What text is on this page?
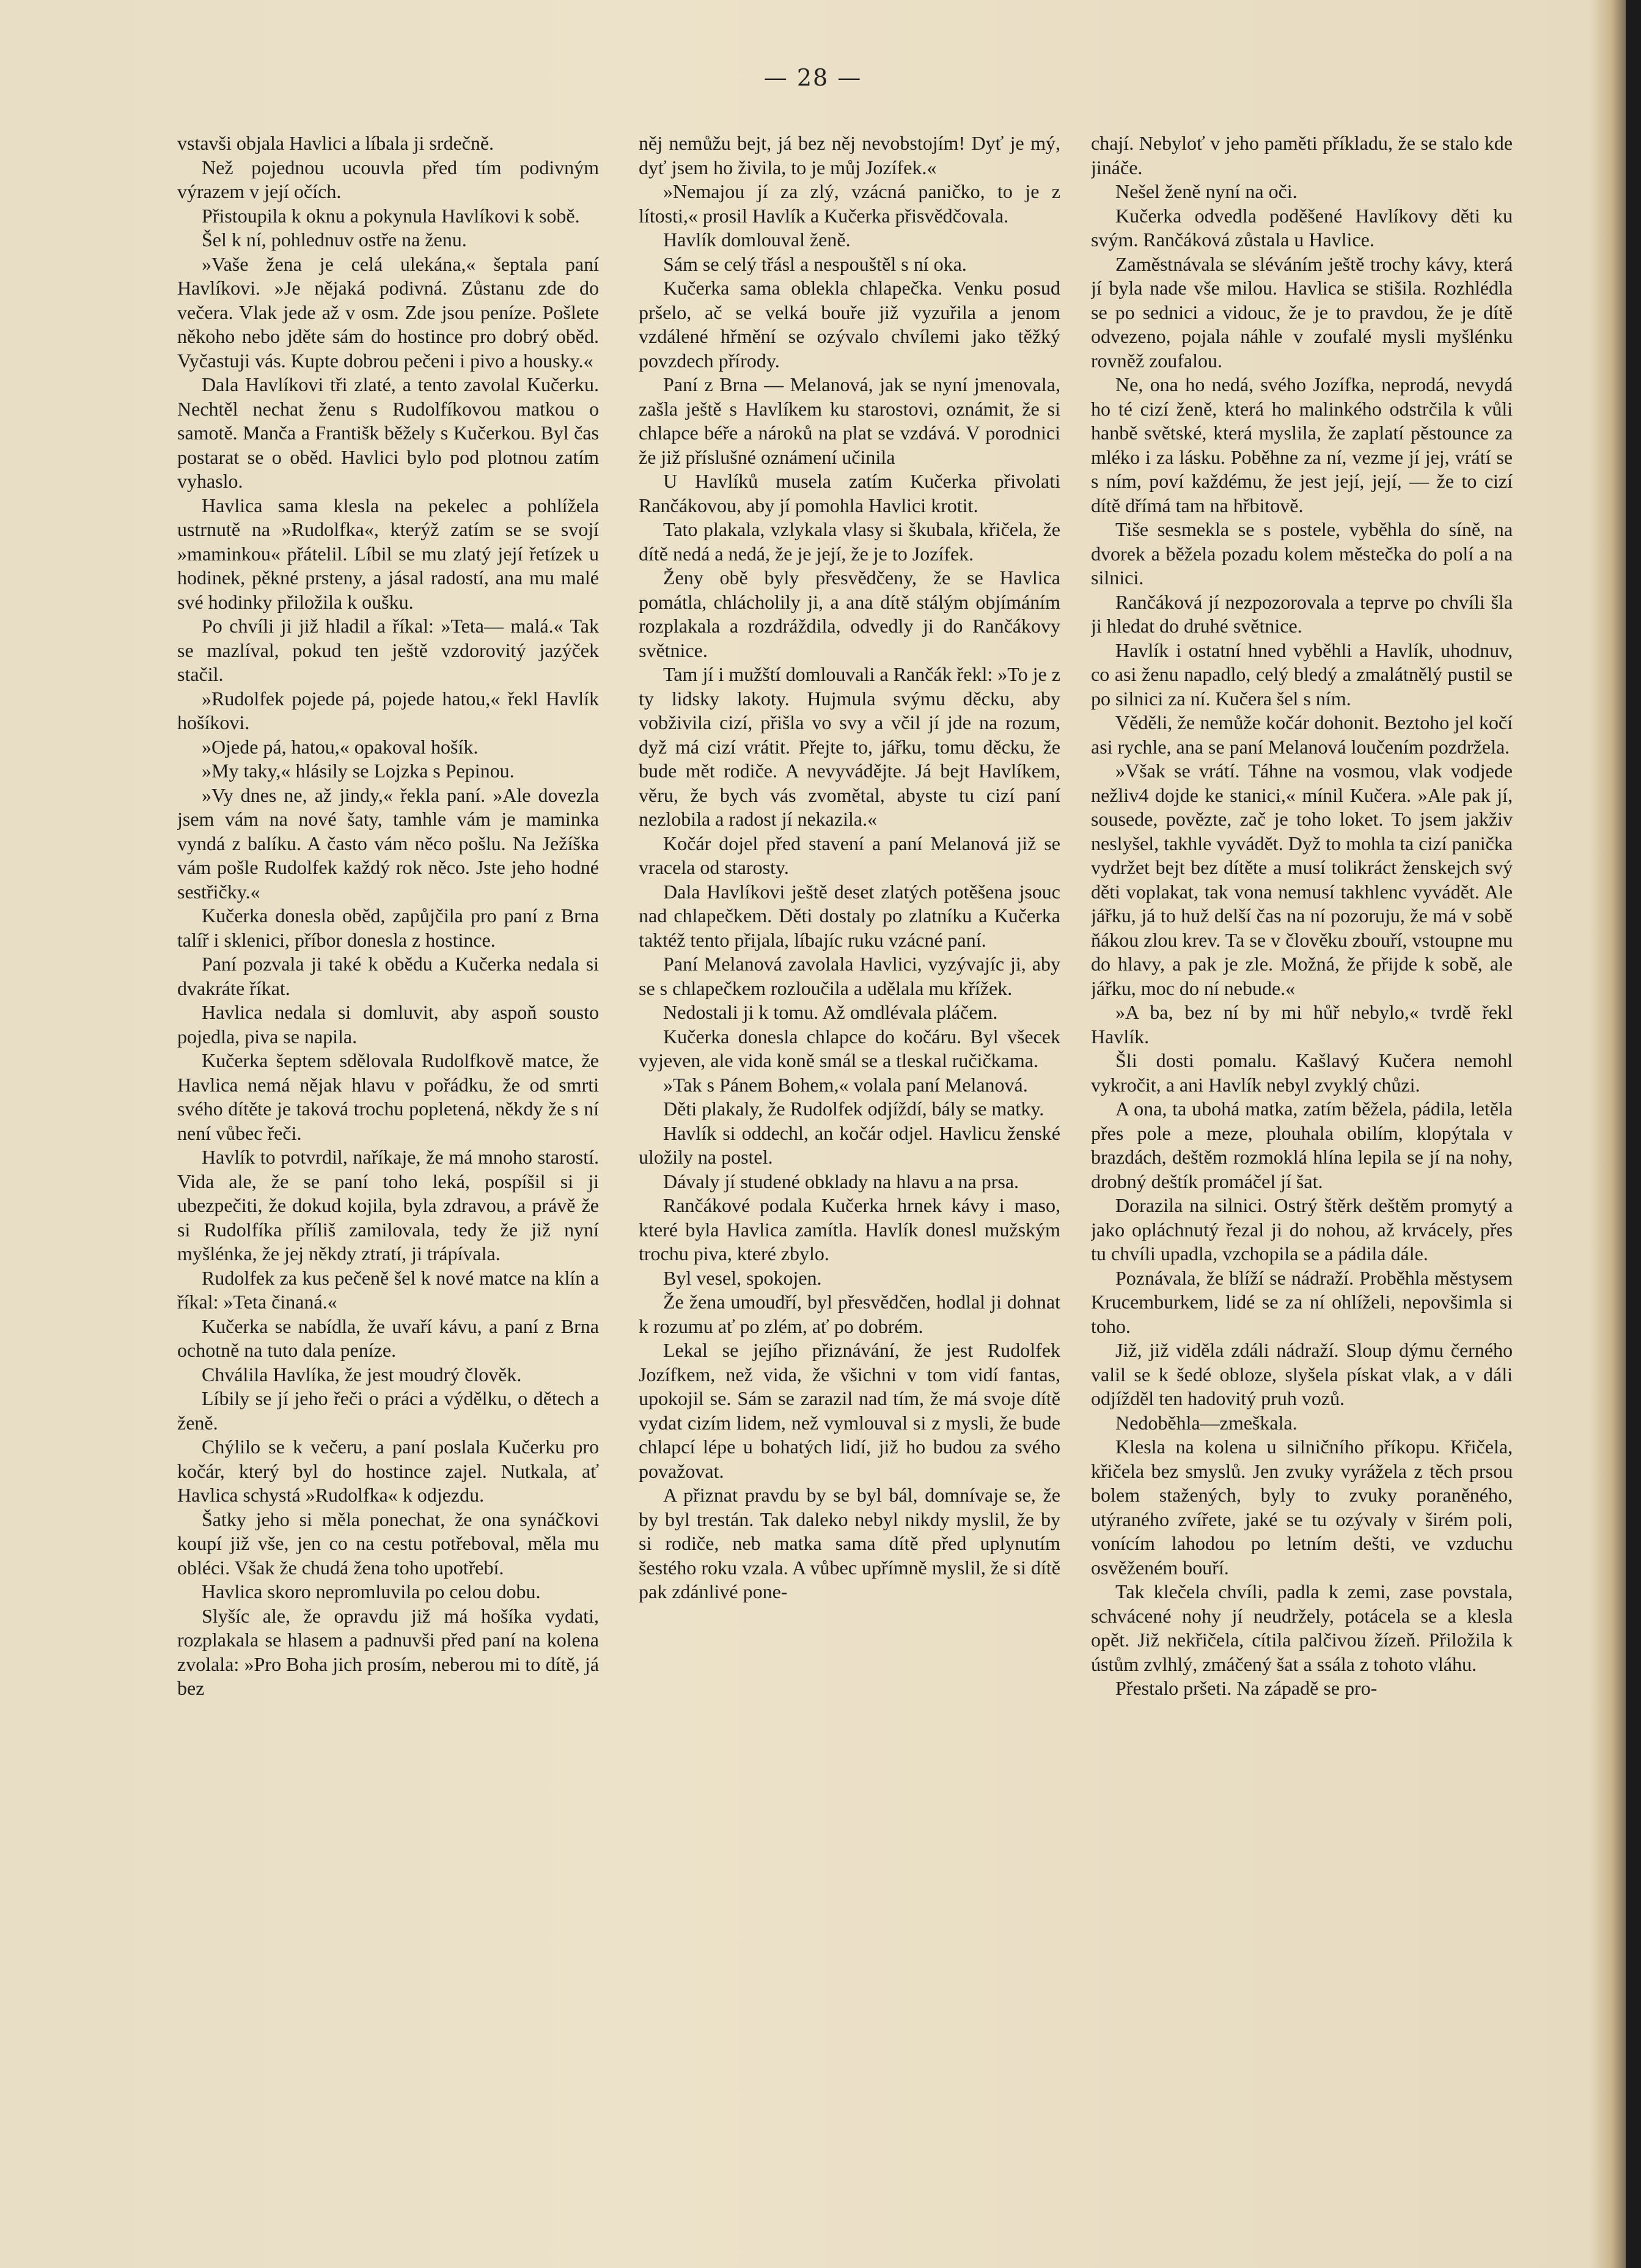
— 28 —

vstavši objala Havlici a líbala ji srdečně.

Než pojednou ucouvla před tím podivným výrazem v její očích.

Přistoupila k oknu a pokynula Havlíkovi k sobě.

Šel k ní, pohlednuv ostře na ženu.

»Vaše žena je celá ulekána,« šeptala paní Havlíkovi. »Je nějaká podivná. Zůstanu zde do večera. Vlak jede až v osm. Zde jsou peníze. Pošlete někoho nebo jděte sám do hostince pro dobrý oběd. Vyčastuji vás. Kupte dobrou pečeni i pivo a housky.«

Dala Havlíkovi tři zlaté, a tento zavolal Kučerku. Nechtěl nechat ženu s Rudolfíkovou matkou o samotě. Manča a Františk běžely s Kučerkou. Byl čas postarat se o oběd. Havlici bylo pod plotnou zatím vyhaslo.

Havlica sama klesla na pekelec a pohlížela ustrnutě na »Rudolfka«, kterýž zatím se se svojí »maminkou« přátelil. Líbil se mu zlatý její řetízek u hodinek, pěkné prsteny, a jásal radostí, ana mu malé své hodinky přiložila k oušku.

Po chvíli ji již hladil a říkal: »Teta— malá.« Tak se mazlíval, pokud ten ještě vzdorovitý jazýček stačil.

»Rudolfek pojede pá, pojede hatou,« řekl Havlík hošíkovi.

»Ojede pá, hatou,« opakoval hošík.

»My taky,« hlásily se Lojzka s Pepinou.

»Vy dnes ne, až jindy,« řekla paní. »Ale dovezla jsem vám na nové šaty, tamhle vám je maminka vyndá z balíku. A často vám něco pošlu. Na Ježíška vám pošle Rudolfek každý rok něco. Jste jeho hodné sestřičky.«

Kučerka donesla oběd, zapůjčila pro paní z Brna talíř i sklenici, příbor donesla z hostince.

Paní pozvala ji také k obědu a Kučerka nedala si dvakráte říkat.

Havlica nedala si domluvit, aby aspoň sousto pojedla, piva se napila.

Kučerka šeptem sdělovala Rudolfkově matce, že Havlica nemá nějak hlavu v pořádku, že od smrti svého dítěte je taková trochu popletená, někdy že s ní není vůbec řeči.

Havlík to potvrdil, naříkaje, že má mnoho starostí. Vida ale, že se paní toho leká, pospíšil si ji ubezpečiti, že dokud kojila, byla zdravou, a právě že si Rudolfíka příliš zamilovala, tedy že již nyní myšlénka, že jej někdy ztratí, ji trápívala.

Rudolfek za kus pečeně šel k nové matce na klín a říkal: »Teta činaná.«

Kučerka se nabídla, že uvaří kávu, a paní z Brna ochotně na tuto dala peníze.

Chválila Havlíka, že jest moudrý člověk.

Líbily se jí jeho řeči o práci a výdělku, o dětech a ženě.

Chýlilo se k večeru, a paní poslala Kučerku pro kočár, který byl do hostince zajel. Nutkala, ať Havlica schystá »Rudolfka« k odjezdu.

Šatky jeho si měla ponechat, že ona synáčkovi koupí již vše, jen co na cestu potřeboval, měla mu obléci. Však že chudá žena toho upotřebí.

Havlica skoro nepromluvila po celou dobu.

Slyšíc ale, že opravdu již má hošíka vydati, rozplakala se hlasem a padnuvši před paní na kolena zvolala: »Pro Boha jich prosím, neberou mi to dítě, já bez

něj nemůžu bejt, já bez něj nevobstojím! Dyť je mý, dyť jsem ho živila, to je můj Jozífek.«

»Nemajou jí za zlý, vzácná paničko, to je z lítosti,« prosil Havlík a Kučerka přisvědčovala.

Havlík domlouval ženě.

Sám se celý třásl a nespouštěl s ní oka.

Kučerka sama oblekla chlapečka. Venku posud pršelo, ač se velká bouře již vyzuřila a jenom vzdálené hřmění se ozývalo chvílemi jako těžký povzdech přírody.

Paní z Brna — Melanová, jak se nyní jmenovala, zašla ještě s Havlíkem ku starostovi, oznámit, že si chlapce béře a nároků na plat se vzdává. V porodnici že již příslušné oznámení učinila

U Havlíků musela zatím Kučerka přivolati Rančákovou, aby jí pomohla Havlici krotit.

Tato plakala, vzlykala vlasy si škubala, křičela, že dítě nedá a nedá, že je její, že je to Jozífek.

Ženy obě byly přesvědčeny, že se Havlica pomátla, chlácholily ji, a ana dítě stálým objímáním rozplakala a rozdráždila, odvedly ji do Rančákovy světnice.

Tam jí i mužští domlouvali a Rančák řekl: »To je z ty lidsky lakoty. Hujmula svýmu děcku, aby vobživila cizí, přišla vo svy a včil jí jde na rozum, dyž má cizí vrátit. Přejte to, jářku, tomu děcku, že bude mět rodiče. A nevyvádějte. Já bejt Havlíkem, věru, že bych vás zvomětal, abyste tu cizí paní nezlobila a radost jí nekazila.«

Kočár dojel před stavení a paní Melanová již se vracela od starosty.

Dala Havlíkovi ještě deset zlatých potěšena jsouc nad chlapečkem. Děti dostaly po zlatníku a Kučerka taktéž tento přijala, líbajíc ruku vzácné paní.

Paní Melanová zavolala Havlici, vyzývajíc ji, aby se s chlapečkem rozloučila a udělala mu křížek.

Nedostali ji k tomu. Až omdlévala pláčem.

Kučerka donesla chlapce do kočáru. Byl všecek vyjeven, ale vida koně smál se a tleskal ručičkama.

»Tak s Pánem Bohem,« volala paní Melanová.

Děti plakaly, že Rudolfek odjíždí, bály se matky.

Havlík si oddechl, an kočár odjel. Havlicu ženské uložily na postel.

Dávaly jí studené obklady na hlavu a na prsa.

Rančákové podala Kučerka hrnek kávy i maso, které byla Havlica zamítla. Havlík donesl mužským trochu piva, které zbylo.

Byl vesel, spokojen.

Že žena umoudří, byl přesvědčen, hodlal ji dohnat k rozumu ať po zlém, ať po dobrém.

Lekal se jejího přiznávání, že jest Rudolfek Jozífkem, než vida, že všichni v tom vidí fantas, upokojil se. Sám se zarazil nad tím, že má svoje dítě vydat cizím lidem, než vymlouval si z mysli, že bude chlapcí lépe u bohatých lidí, již ho budou za svého považovat.

A přiznat pravdu by se byl bál, domnívaje se, že by byl trestán. Tak daleko nebyl nikdy myslil, že by si rodiče, neb matka sama dítě před uplynutím šestého roku vzala. A vůbec upřímně myslil, že si dítě pak zdánlivé pone-

chají. Nebyloť v jeho paměti příkladu, že se stalo kde jináče.

Nešel ženě nyní na oči.

Kučerka odvedla poděšené Havlíkovy děti ku svým. Rančáková zůstala u Havlice.

Zaměstnávala se sléváním ještě trochy kávy, která jí byla nade vše milou. Havlica se stišila. Rozhlédla se po sednici a vidouc, že je to pravdou, že je dítě odvezeno, pojala náhle v zoufalé mysli myšlénku rovněž zoufalou.

Ne, ona ho nedá, svého Jozífka, neprodá, nevydá ho té cizí ženě, která ho malinkého odstrčila k vůli hanbě světské, která myslila, že zaplatí pěstounce za mléko i za lásku. Poběhne za ní, vezme jí jej, vrátí se s ním, poví každému, že jest její, její, — že to cizí dítě dřímá tam na hřbitově.

Tiše sesmekla se s postele, vyběhla do síně, na dvorek a běžela pozadu kolem městečka do polí a na silnici.

Rančáková jí nezpozorovala a teprve po chvíli šla ji hledat do druhé světnice.

Havlík i ostatní hned vyběhli a Havlík, uhodnuv, co asi ženu napadlo, celý bledý a zmalátnělý pustil se po silnici za ní. Kučera šel s ním.

Věděli, že nemůže kočár dohonit. Beztoho jel kočí asi rychle, ana se paní Melanová loučením pozdržela.

»Však se vrátí. Táhne na vosmou, vlak vodjede nežliv4 dojde ke stanici,« mínil Kučera. »Ale pak jí, sousede, povězte, zač je toho loket. To jsem jakživ neslyšel, takhle vyvádět. Dyž to mohla ta cizí panička vydržet bejt bez dítěte a musí tolikráct ženskejch svý děti voplakat, tak vona nemusí takhlenc vyvádět. Ale jářku, já to huž delší čas na ní pozoruju, že má v sobě ňákou zlou krev. Ta se v člověku zbouří, vstoupne mu do hlavy, a pak je zle. Možná, že přijde k sobě, ale jářku, moc do ní nebude.«

»A ba, bez ní by mi hůř nebylo,« tvrdě řekl Havlík.

Šli dosti pomalu. Kašlavý Kučera nemohl vykročit, a ani Havlík nebyl zvyklý chůzi.

A ona, ta ubohá matka, zatím běžela, pádila, letěla přes pole a meze, plouhala obilím, klopýtala v brazdách, deštěm rozmoklá hlína lepila se jí na nohy, drobný deštík promáčel jí šat.

Dorazila na silnici. Ostrý štěrk deštěm promytý a jako opláchnutý řezal ji do nohou, až krvácely, přes tu chvíli upadla, vzchopila se a pádila dále.

Poznávala, že blíží se nádraží. Proběhla městysem Krucemburkem, lidé se za ní ohlíželi, nepovšimla si toho.

Již, již viděla zdáli nádraží. Sloup dýmu černého valil se k šedé obloze, slyšela pískat vlak, a v dáli odjížděl ten hadovitý pruh vozů.

Nedoběhla—zmeškala.

Klesla na kolena u silničního příkopu. Křičela, křičela bez smyslů. Jen zvuky vyrážela z těch prsou bolem stažených, byly to zvuky poraněného, utýraného zvířete, jaké se tu ozývaly v širém poli, vonícím lahodou po letním dešti, ve vzduchu osvěženém bouří.

Tak klečela chvíli, padla k zemi, zase povstala, schvácené nohy jí neudržely, potácela se a klesla opět. Již nekřičela, cítila palčivou žízeň. Přiložila k ústům zvlhlý, zmáčený šat a ssála z tohoto vláhu.

Přestalo pršeti. Na západě se pro-
